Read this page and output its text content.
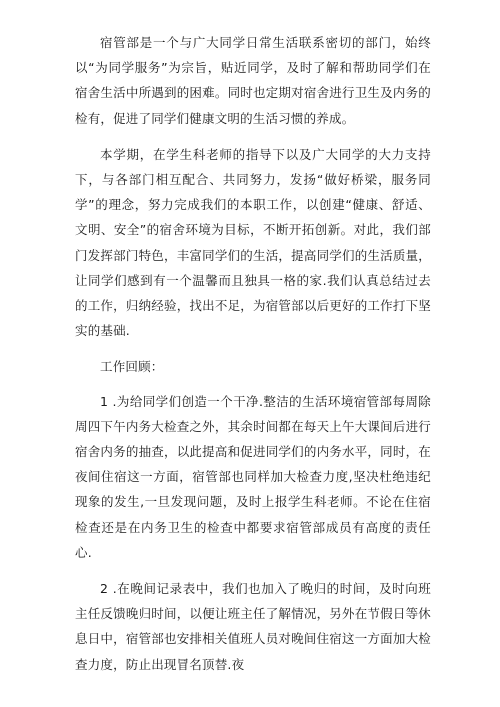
宿管部是一个与广大同学日常生活联系密切的部门，始终以“为同学服务”为宗旨，贴近同学，及时了解和帮助同学们在宿舍生活中所遇到的困难。同时也定期对宿舍进行卫生及内务的检有，促进了同学们健康文明的生活习惯的养成。

本学期，在学生科老师的指导下以及广大同学的大力支持下，与各部门相互配合、共同努力，发扬“做好桥梁，服务同学”的理念，努力完成我们的本职工作，以创建“健康、舒适、文明、安全”的宿舍环境为目标，不断开拓创新。对此，我们部门发挥部门特色，丰富同学们的生活，提高同学们的生活质量，让同学们感到有一个温馨而且独具一格的家.我们认真总结过去的工作，归纳经验，找出不足，为宿管部以后更好的工作打下坚实的基础.

工作回顾：

1 .为给同学们创造一个干净.整洁的生活环境宿管部每周除周四下午内务大检查之外，其余时间都在每天上午大课间后进行宿舍内务的抽查，以此提高和促进同学们的内务水平，同时，在夜间住宿这一方面，宿管部也同样加大检查力度,坚决杜绝违纪现象的发生,一旦发现问题，及时上报学生科老师。不论在住宿检查还是在内务卫生的检查中都要求宿管部成员有高度的责任心.

2 .在晚间记录表中，我们也加入了晚归的时间，及时向班主任反馈晚归时间，以便让班主任了解情况，另外在节假日等休息日中，宿管部也安排相关值班人员对晚间住宿这一方面加大检查力度，防止出现冒名顶替.夜
